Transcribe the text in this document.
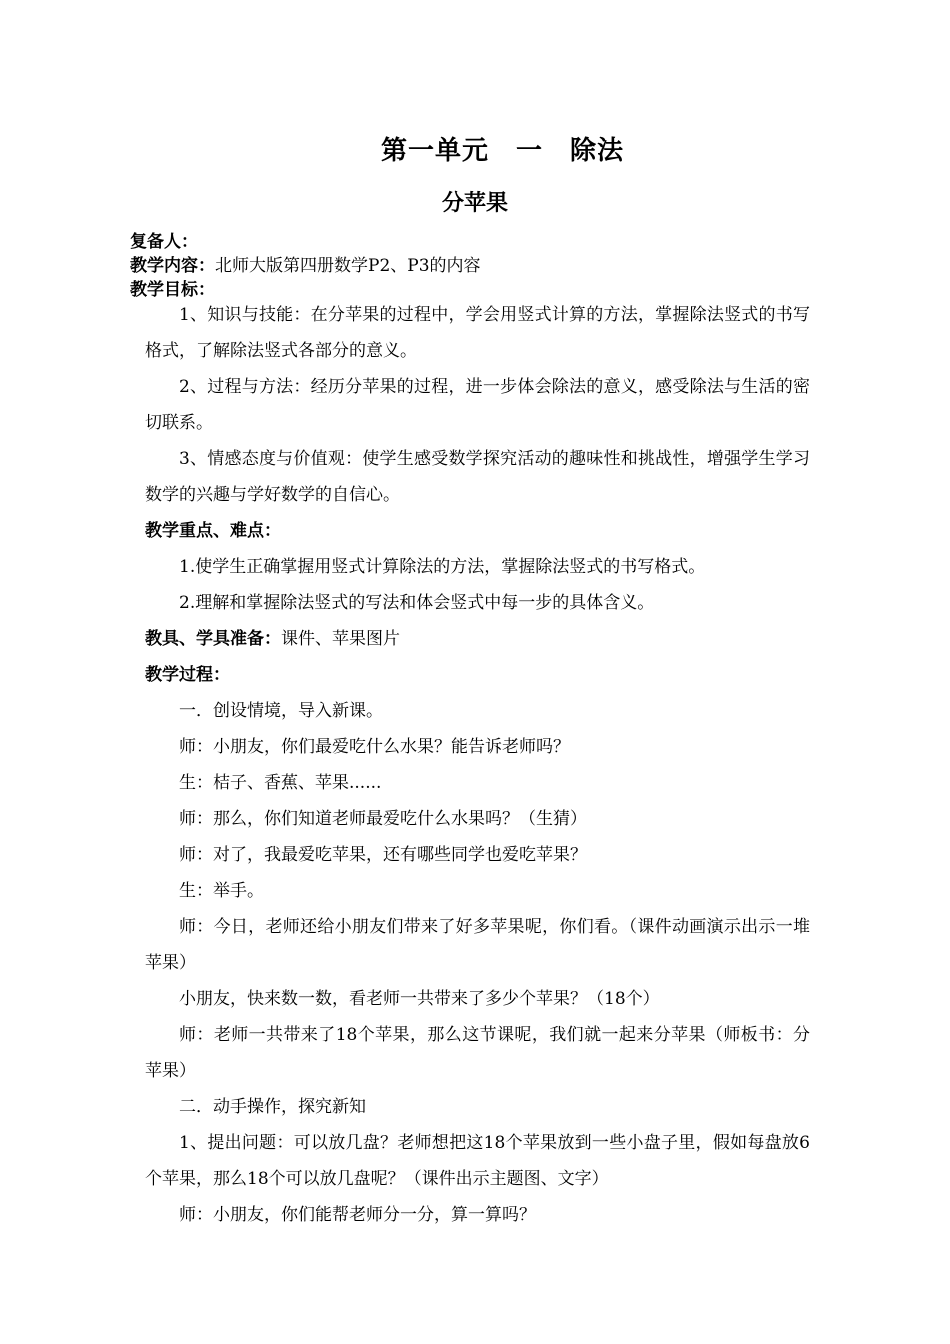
第一单元　一　除法
分苹果
复备人：
教学内容：北师大版第四册数学P2、P3的内容
教学目标：

1、知识与技能：在分苹果的过程中，学会用竖式计算的方法，掌握除法竖式的书写格式，了解除法竖式各部分的意义。

2、过程与方法：经历分苹果的过程，进一步体会除法的意义，感受除法与生活的密切联系。

3、情感态度与价值观：使学生感受数学探究活动的趣味性和挑战性，增强学生学习数学的兴趣与学好数学的自信心。

教学重点、难点：

1.使学生正确掌握用竖式计算除法的方法，掌握除法竖式的书写格式。

2.理解和掌握除法竖式的写法和体会竖式中每一步的具体含义。

教具、学具准备：课件、苹果图片

教学过程：

一．创设情境，导入新课。

师：小朋友，你们最爱吃什么水果？能告诉老师吗？

生：桔子、香蕉、苹果......

师：那么，你们知道老师最爱吃什么水果吗？（生猜）

师：对了，我最爱吃苹果，还有哪些同学也爱吃苹果？

生：举手。

师：今日，老师还给小朋友们带来了好多苹果呢，你们看。（课件动画演示出示一堆苹果）

小朋友，快来数一数，看老师一共带来了多少个苹果？（18个）

师：老师一共带来了18个苹果，那么这节课呢，我们就一起来分苹果（师板书：分苹果）

二．动手操作，探究新知

1、提出问题：可以放几盘？老师想把这18个苹果放到一些小盘子里，假如每盘放6个苹果，那么18个可以放几盘呢？（课件出示主题图、文字）

师：小朋友，你们能帮老师分一分，算一算吗？
